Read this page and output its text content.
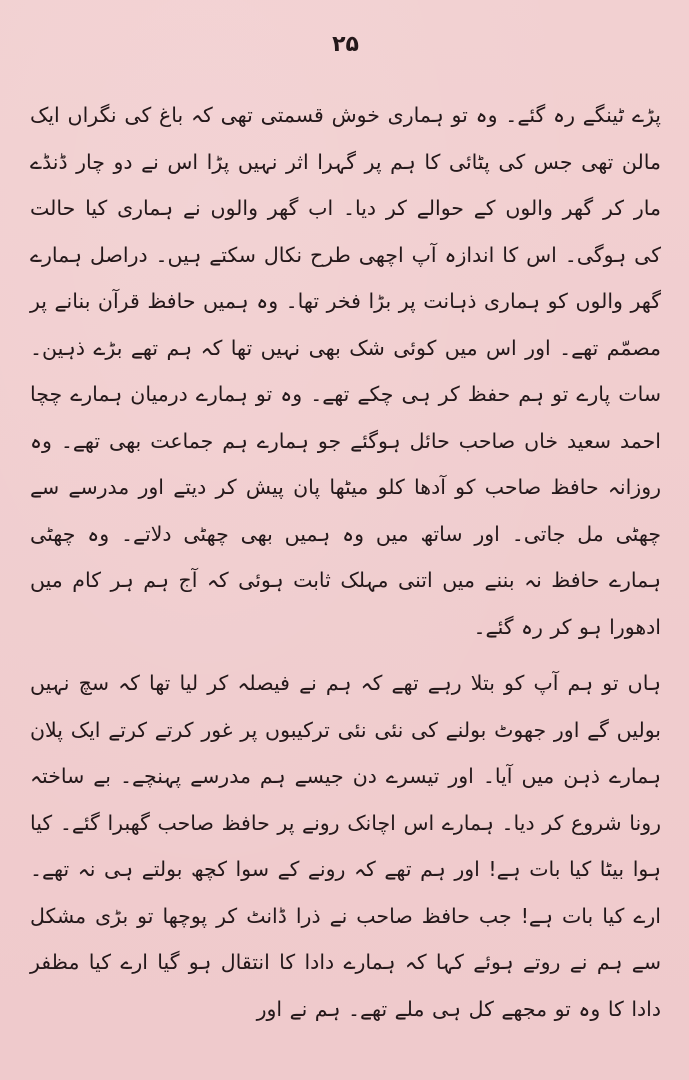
۲۵

پڑے ٹینگے رہ گئے۔ وہ تو ہماری خوش قسمتی تھی کہ باغ کی نگراں ایک مالن تھی جس کی پٹائی کا ہم پر گہرا اثر نہیں پڑا اس نے دو چار ڈنڈے مار کر گھر والوں کے حوالے کر دیا۔ اب گھر والوں نے ہماری کیا حالت کی ہوگی۔ اس کا اندازہ آپ اچھی طرح نکال سکتے ہیں۔ دراصل ہمارے گھر والوں کو ہماری ذہانت پر بڑا فخر تھا۔ وہ ہمیں حافظ قرآن بنانے پر مصمّم تھے۔ اور اس میں کوئی شک بھی نہیں تھا کہ ہم تھے بڑے ذہین۔ سات پارے تو ہم حفظ کر ہی چکے تھے۔ وہ تو ہمارے درمیان ہمارے چچا احمد سعید خاں صاحب حائل ہوگئے جو ہمارے ہم جماعت بھی تھے۔ وہ روزانہ حافظ صاحب کو آدھا کلو میٹھا پان پیش کر دیتے اور مدرسے سے چھٹی مل جاتی۔ اور ساتھ میں وہ ہمیں بھی چھٹی دلاتے۔ وہ چھٹی ہمارے حافظ نہ بننے میں اتنی مہلک ثابت ہوئی کہ آج ہم ہر کام میں ادھورا ہو کر رہ گئے۔

ہاں تو ہم آپ کو بتلا رہے تھے کہ ہم نے فیصلہ کر لیا تھا کہ سچ نہیں بولیں گے اور جھوٹ بولنے کی نئی نئی ترکیبوں پر غور کرتے کرتے ایک پلان ہمارے ذہن میں آیا۔ اور تیسرے دن جیسے ہم مدرسے پہنچے۔ بے ساختہ رونا شروع کر دیا۔ ہمارے اس اچانک رونے پر حافظ صاحب گھبرا گئے۔ کیا ہوا بیٹا کیا بات ہے! اور ہم تھے کہ رونے کے سوا کچھ بولتے ہی نہ تھے۔ ارے کیا بات ہے! جب حافظ صاحب نے ذرا ڈانٹ کر پوچھا تو بڑی مشکل سے ہم نے روتے ہوئے کہا کہ ہمارے دادا کا انتقال ہو گیا ارے کیا مظفر دادا کا وہ تو مجھے کل ہی ملے تھے۔ ہم نے اور
